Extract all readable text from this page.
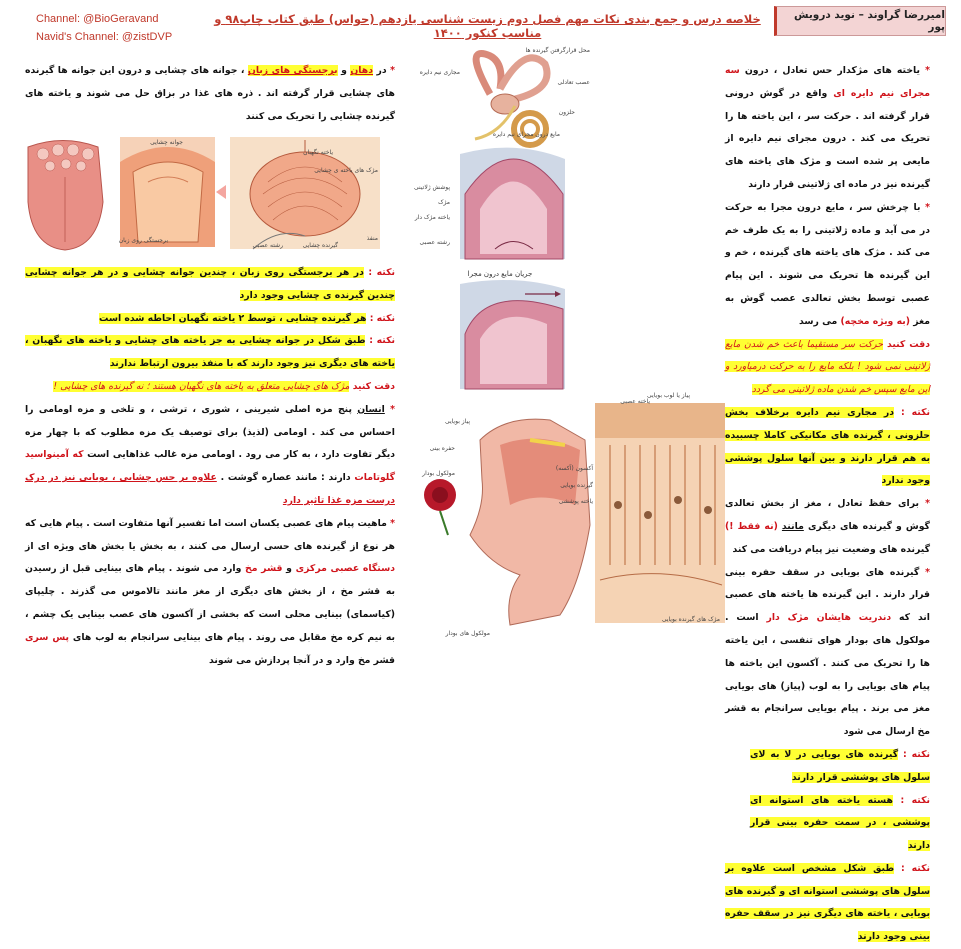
Channel: @BioGeravand
Navid's Channel: @zistDVP
خلاصه درس و جمع بندی نکات مهم فصل دوم زیست شناسی یازدهم (حواس) طبق کتاب چاپ۹۸ و مناسب کنکور ۱۴۰۰
امیررضا گراوند – نوید درویش پور

* یاخته های مژکدار حس تعادل ، درون سه مجرای نیم دایره ای واقع در گوش درونی قرار گرفته اند . حرکت سر ، این یاخته ها را تحریک می کند . درون مجرای نیم دایره از مایعی پر شده است و مژک های یاخته های گیرنده نیز در ماده ای ژلاتینی قرار دارند

* با چرخش سر ، مایع درون مجرا به حرکت در می آید و ماده ژلاتینی را به یک طرف خم می کند . مژک های یاخته های گیرنده ، خم و این گیرنده ها تحریک می شوند . این پیام عصبی توسط بخش تعالدی عصب گوش به مغز (به ویژه مخچه) می رسد

دقت کنید حرکت سر مستقیما باعث خم شدن مایع ژلاتینی نمی شود ! بلکه مایع را به حرکت درمیاورد و این مایع سپس خم شدن ماده ژلاتینی می گردد

نکته : در مجاری نیم دایره برخلاف بخش حلزونی ، گیرنده های مکانیکی کاملا چسبیده به هم قرار دارند و بین آنها سلول پوششی وجود ندارد

* برای حفظ تعادل ، مغز از بخش تعالدی گوش و گیرنده های دیگری مانند (نه فقط !) گیرنده های وضعیت نیز پیام دریافت می کند

* گیرنده های بویایی در سقف حفره بینی قرار دارند . این گیرنده ها یاخته های عصبی اند که دندریت هایشان مژک دار است . مولکول های بودار هوای تنفسی ، این یاخته ها را تحریک می کنند . آکسون این یاخته ها پیام های بویایی را به لوب (پیاز) های بویایی مغز می برند . پیام بویایی سرانجام به قشر مخ ارسال می شود

نکته : گیرنده های بویایی در لا به لای سلول های پوششی قرار دارند

نکته : هسته یاخته های استوانه ای پوششی ، در سمت حفره بینی قرار دارند

نکته : طبق شکل مشخص است علاوه بر سلول های پوششی استوانه ای و گیرنده های بویایی ، یاخته های دیگری نیز در سقف حفره بینی وجود دارند

* در دهان و برجستگی های زبان ، جوانه های چشایی و درون این جوانه ها گیرنده های چشایی قرار گرفته اند . ذره های غذا در بزاق حل می شوند و یاخته های گیرنده چشایی را تحریک می کنند

یاخته نگهبان
مژک های یاخته ی چشایی
منفذ
گیرنده چشایی
رشته عصبی
جوانه چشایی
برجستگی روی زبان

نکته : در هر برجستگی روی زبان ، چندین جوانه چشایی و در هر جوانه چشایی چندین گیرنده ی چشایی وجود دارد

نکته : هر گیرنده چشایی ، توسط ۲ یاخته نگهبان احاطه شده است

نکته : طبق شکل در جوانه چشایی به جز یاخته های چشایی و یاخته های نگهبان ، یاخته های دیگری نیز وجود دارند که با منفذ بیرون ارتباط ندارند

دقت کنید مژک های چشایی متعلق به یاخته های نگهبان هستند ؛ نه گیرنده های چشایی !

* انسان پنج مزه اصلی شیرینی ، شوری ، ترشی ، و تلخی و مزه اومامی را احساس می کند . اومامی (لذیذ) برای توصیف یک مزه مطلوب که با چهار مزه دیگر تفاوت دارد ، به کار می رود . اومامی مزه غالب غذاهایی است که آمینواسید گلوتامات دارند : مانند عصاره گوشت . علاوه بر حس چشایی ، بویایی نیز در درک درست مزه غذا تاثیر دارد

* ماهیت پیام های عصبی یکسان است اما تفسیر آنها متفاوت است . پیام هایی که هر نوع از گیرنده های حسی ارسال می کنند ، به بخش یا بخش های ویژه ای از دستگاه عصبی مرکزی و قشر مخ وارد می شوند . پیام های بینایی قبل از رسیدن به قشر مخ ، از بخش های دیگری از مغز مانند تالاموس می گذرند . چلیپای (کیاسمای) بینایی محلی است که بخشی از آکسون های عصب بینایی یک چشم ، به نیم کره مخ مقابل می روند . پیام های بینایی سرانجام به لوب های پس سری قشر مخ وارد و در آنجا پردازش می شوند

مجاری نیم دایره
محل قرارگرفتن گیرنده ها
عصب تعادلی
حلزون
مایع درون مجرای نیم دایره
پوشش ژلاتینی
مژک
یاخته مژک دار
رشته عصبی
جریان مایع درون مجرا
پیاز بویایی
حفره بینی
مولکول بودار
مولکول های بودار
پیاز یا لوب بویایی
یاخته عصبی
آکسون (آکسه)
گیرنده بویایی
یاخته پوششی
مژک های گیرنده بویایی
